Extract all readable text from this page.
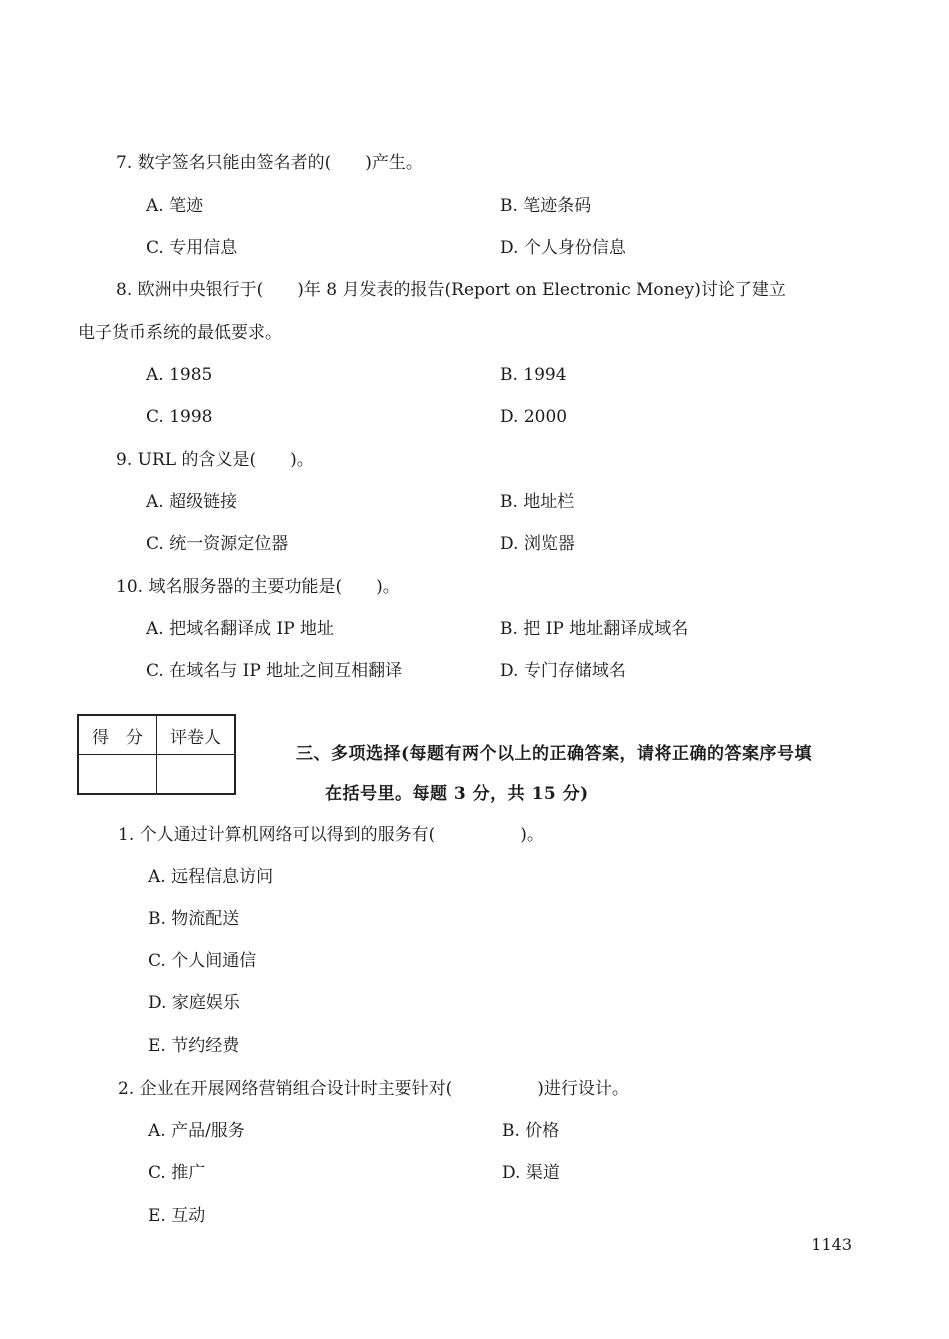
7. 数字签名只能由签名者的(　　)产生。
A. 笔迹	B. 笔迹条码
C. 专用信息	D. 个人身份信息
8. 欧洲中央银行于(　　)年 8 月发表的报告(Report on Electronic Money)讨论了建立
电子货币系统的最低要求。
A. 1985	B. 1994
C. 1998	D. 2000
9. URL 的含义是(　　)。
A. 超级链接	B. 地址栏
C. 统一资源定位器	D. 浏览器
10. 域名服务器的主要功能是(　　)。
A. 把域名翻译成 IP 地址	B. 把 IP 地址翻译成域名
C. 在域名与 IP 地址之间互相翻译	D. 专门存储域名
得　分	评卷人

三、多项选择(每题有两个以上的正确答案，请将正确的答案序号填
在括号里。每题 3 分，共 15 分)
1. 个人通过计算机网络可以得到的服务有(　　　　　)。
A. 远程信息访问
B. 物流配送
C. 个人间通信
D. 家庭娱乐
E. 节约经费
2. 企业在开展网络营销组合设计时主要针对(　　　　　)进行设计。
A. 产品/服务	B. 价格
C. 推广	D. 渠道
E. 互动
1143
